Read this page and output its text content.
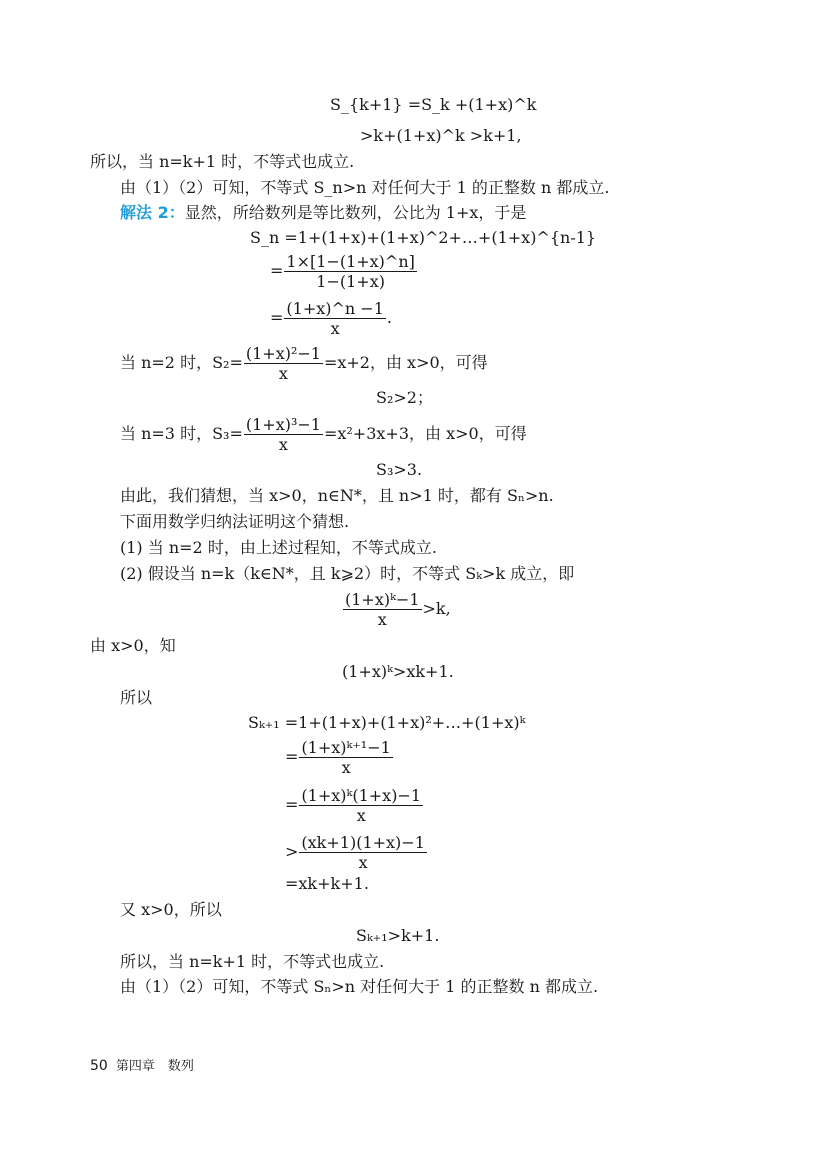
S_{k+1} =S_k +(1+x)^k
>k+(1+x)^k >k+1,
所以，当 n=k+1 时，不等式也成立.
由（1）（2）可知，不等式 S_n>n 对任何大于 1 的正整数 n 都成立.
解法 2：显然，所给数列是等比数列，公比为 1+x，于是
S_n =1+(1+x)+(1+x)^2+…+(1+x)^{n-1}
= $\frac{1\times[1-(1+x)\^{}n]}{1-(1+x)}$
= $\frac{(1+x)\^{}n -1}{x}$ .
当 n=2 时，$S_2= \frac{\text{(1+x)²−1}}{x} =x+2$，由 x>0，可得
S₂>2；
当 n=3 时，$S_3= \frac{\text{(1+x)³−1}}{x} =x^2+3x+3$，由 x>0，可得
S₃>3.
由此，我们猜想，当 x>0，n∈N*，且 n>1 时，都有 Sₙ>n.
下面用数学归纳法证明这个猜想.
(1) 当 n=2 时，由上述过程知，不等式成立.
(2) 假设当 n=k（k∈N*，且 k⩾2）时，不等式 Sₖ>k 成立，即
$\frac{\text{(1+x)ᵏ−1}}{x} >k$,
由 x>0，知
(1+x)ᵏ>xk+1.
所以
Sₖ₊₁ =1+(1+x)+(1+x)²+…+(1+x)ᵏ
= $\frac{\text{(1+x)ᵏ⁺¹−1}}{x}$
= $\frac{\text{(1+x)ᵏ(1+x)−1}}{x}$
> $\frac{(xk+1)(1+x)-1}{x}$
=xk+k+1.
又 x>0，所以
Sₖ₊₁>k+1.
所以，当 n=k+1 时，不等式也成立.
由（1）（2）可知，不等式 Sₙ>n 对任何大于 1 的正整数 n 都成立.
50 第四章　数列
